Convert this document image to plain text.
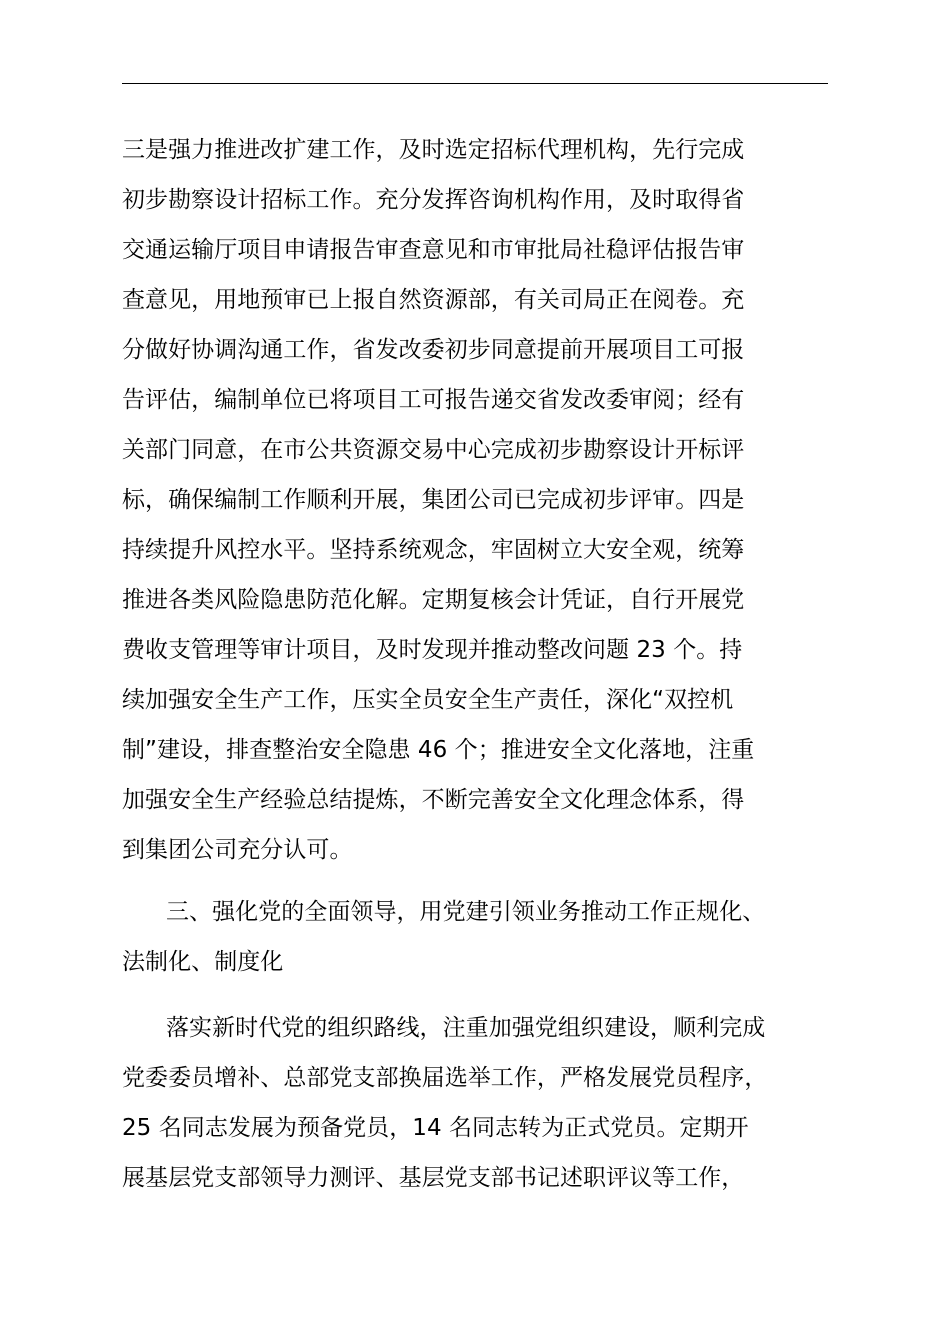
三是强力推进改扩建工作，及时选定招标代理机构，先行完成
初步勘察设计招标工作。充分发挥咨询机构作用，及时取得省
交通运输厅项目申请报告审查意见和市审批局社稳评估报告审
查意见，用地预审已上报自然资源部，有关司局正在阅卷。充
分做好协调沟通工作，省发改委初步同意提前开展项目工可报
告评估，编制单位已将项目工可报告递交省发改委审阅；经有
关部门同意，在市公共资源交易中心完成初步勘察设计开标评
标，确保编制工作顺利开展，集团公司已完成初步评审。四是
持续提升风控水平。坚持系统观念，牢固树立大安全观，统筹
推进各类风险隐患防范化解。定期复核会计凭证，自行开展党
费收支管理等审计项目，及时发现并推动整改问题 23 个。持
续加强安全生产工作，压实全员安全生产责任，深化“双控机
制”建设，排查整治安全隐患 46 个；推进安全文化落地，注重
加强安全生产经验总结提炼，不断完善安全文化理念体系，得
到集团公司充分认可。
三、强化党的全面领导，用党建引领业务推动工作正规化、
法制化、制度化
落实新时代党的组织路线，注重加强党组织建设，顺利完成
党委委员增补、总部党支部换届选举工作，严格发展党员程序，
25 名同志发展为预备党员，14 名同志转为正式党员。定期开
展基层党支部领导力测评、基层党支部书记述职评议等工作，
